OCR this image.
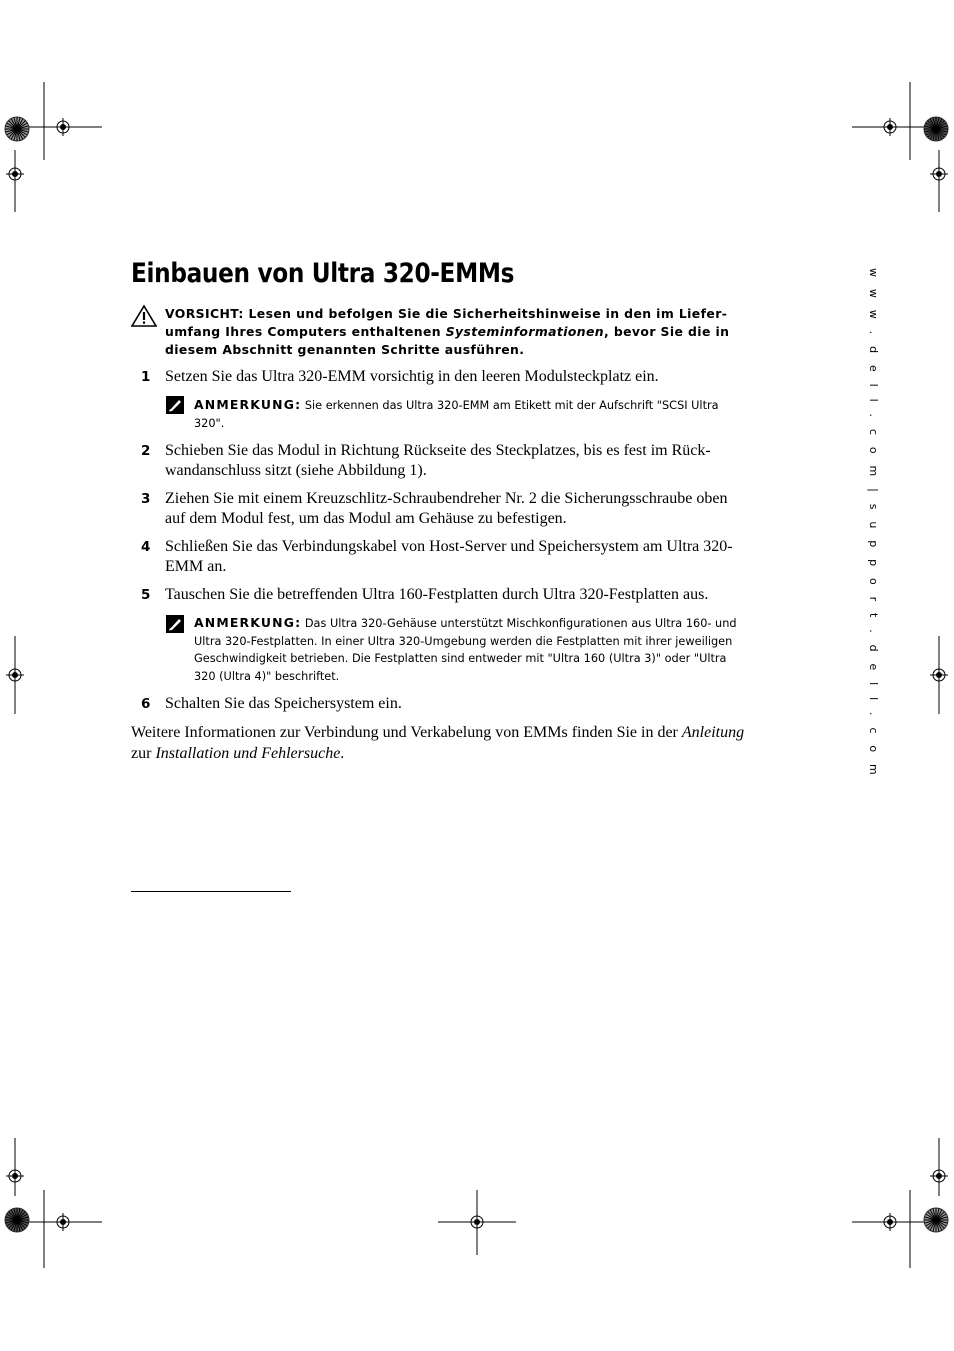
Einbauen von Ultra 320-EMMs
VORSICHT: Lesen und befolgen Sie die Sicherheitshinweise in den im Liefer-umfang Ihres Computers enthaltenen Systeminformationen, bevor Sie die in diesem Abschnitt genannten Schritte ausführen.
1 Setzen Sie das Ultra 320-EMM vorsichtig in den leeren Modulsteckplatz ein.
ANMERKUNG: Sie erkennen das Ultra 320-EMM am Etikett mit der Aufschrift "SCSI Ultra 320".
2 Schieben Sie das Modul in Richtung Rückseite des Steckplatzes, bis es fest im Rück-wandanschluss sitzt (siehe Abbildung 1).
3 Ziehen Sie mit einem Kreuzschlitz-Schraubendreher Nr. 2 die Sicherungsschraube oben auf dem Modul fest, um das Modul am Gehäuse zu befestigen.
4 Schließen Sie das Verbindungskabel von Host-Server und Speichersystem am Ultra 320-EMM an.
5 Tauschen Sie die betreffenden Ultra 160-Festplatten durch Ultra 320-Festplatten aus.
ANMERKUNG: Das Ultra 320-Gehäuse unterstützt Mischkonfigurationen aus Ultra 160- und Ultra 320-Festplatten. In einer Ultra 320-Umgebung werden die Festplatten mit ihrer jeweiligen Geschwindigkeit betrieben. Die Festplatten sind entweder mit "Ultra 160 (Ultra 3)" oder "Ultra 320 (Ultra 4)" beschriftet.
6 Schalten Sie das Speichersystem ein.
Weitere Informationen zur Verbindung und Verkabelung von EMMs finden Sie in der Anleitung zur Installation und Fehlersuche.	w w w . d e l l . c o m | s u p p o r t . d e l l . c o m
